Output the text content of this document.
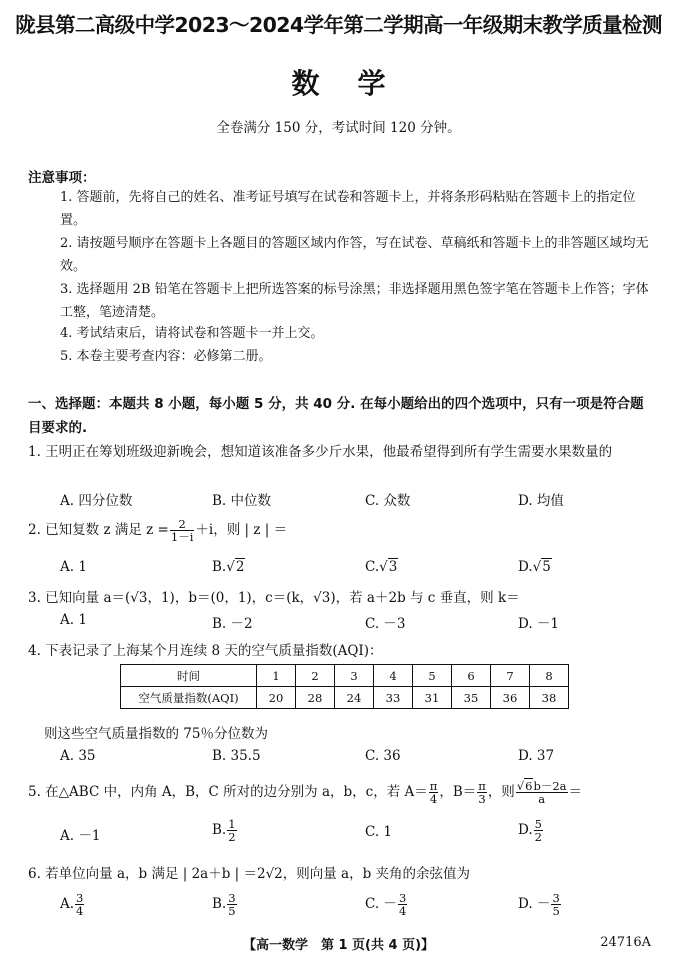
陇县第二高级中学2023～2024学年第二学期高一年级期末教学质量检测
数学
全卷满分 150 分，考试时间 120 分钟。
注意事项：
1. 答题前，先将自己的姓名、准考证号填写在试卷和答题卡上，并将条形码粘贴在答题卡上的指定位置。
2. 请按题号顺序在答题卡上各题目的答题区域内作答，写在试卷、草稿纸和答题卡上的非答题区域均无效。
3. 选择题用 2B 铅笔在答题卡上把所选答案的标号涂黑；非选择题用黑色签字笔在答题卡上作答；字体工整，笔迹清楚。
4. 考试结束后，请将试卷和答题卡一并上交。
5. 本卷主要考查内容：必修第二册。
一、选择题：本题共 8 小题，每小题 5 分，共 40 分. 在每小题给出的四个选项中，只有一项是符合题目要求的.
1. 王明正在筹划班级迎新晚会，想知道该准备多少斤水果，他最希望得到所有学生需要水果数量的
A. 四分位数	B. 中位数	C. 众数	D. 均值
2. 已知复数 z 满足 $z = \frac{2}{1-i} +i$，则 | z | ＝
A. 1	B.√2	C.√3	D.√5
3. 已知向量 a＝(√3，1)，b＝(0，1)，c＝(k，√3)，若 a＋2b 与 c 垂直，则 k＝
A. 1	B. －2	C. －3	D. －1
4. 下表记录了上海某个月连续 8 天的空气质量指数(AQI)：
时间	1	2	3	4	5	6	7	8
空气质量指数(AQI)	20	28	24	33	31	35	36	38
则这些空气质量指数的 75％分位数为
A. 35	B. 35.5	C. 36	D. 37
5. 在△ABC 中，内角 A，B，C 所对的边分别为 a，b，c，若 $A= \frac{\pi}{4}$ ，$B= \frac{\pi}{3}$ ，则 $\frac{√6b-2a}{a}$ ＝
A. －1	B. $\frac{1}{2}$	C. 1	D. $\frac{5}{2}$
6. 若单位向量 a，b 满足 | 2a＋b | ＝2√2，则向量 a，b 夹角的余弦值为
A. $\frac{3}{4}$	B. $\frac{3}{5}$	C. － $\frac{3}{4}$	D. － $\frac{3}{5}$
【高一数学　第 1 页(共 4 页)】	24716A
